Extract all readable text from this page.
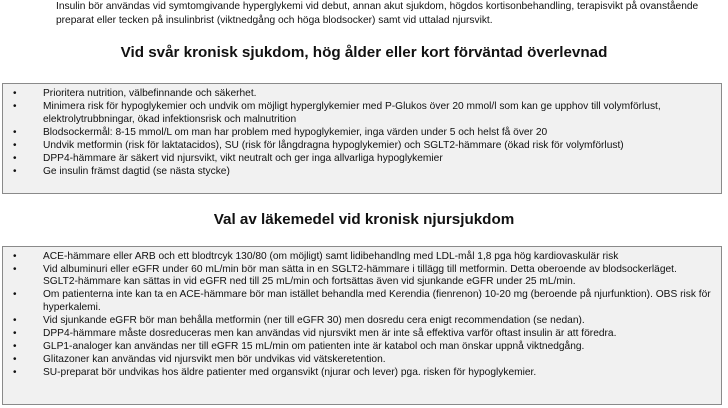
Insulin bör användas vid symtomgivande hyperglykemi vid debut, annan akut sjukdom, högdos kortisonbehandling, terapisvikt på ovanstående preparat eller tecken på insulinbrist (viktnedgång och höga blodsocker) samt vid uttalad njursvikt.
Vid svår kronisk sjukdom, hög ålder eller kort förväntad överlevnad
•	Prioritera nutrition, välbefinnande och säkerhet.
•	Minimera risk för hypoglykemier och undvik om möjligt hyperglykemier med P-Glukos över 20 mmol/l som kan ge upphov till volymförlust, elektrolytrubbningar, ökad infektionsrisk och malnutrition
•	Blodsockermål: 8-15 mmol/L om man har problem med hypoglykemier, inga värden under 5 och helst få över 20
•	Undvik metformin (risk för laktatacidos), SU (risk för långdragna hypoglykemier) och SGLT2-hämmare (ökad risk för volymförlust)
•	DPP4-hämmare är säkert vid njursvikt, vikt neutralt och ger inga allvarliga hypoglykemier
•	Ge insulin främst dagtid (se nästa stycke)
Val av läkemedel vid kronisk njursjukdom
•	ACE-hämmare eller ARB och ett blodtrcyk 130/80 (om möjligt) samt lidibehandlng med LDL-mål 1,8 pga hög kardiovaskulär risk
•	Vid albuminuri eller eGFR under 60 mL/min bör man sätta in en SGLT2-hämmare i tillägg till metformin. Detta oberoende av blodsockerläget. SGLT2-hämmare kan sättas in vid eGFR ned till 25 mL/min och fortsättas även vid sjunkande eGFR under 25 mL/min.
•	Om patienterna inte kan ta en ACE-hämmare bör man istället behandla med Kerendia (fienrenon) 10-20 mg (beroende på njurfunktion). OBS risk för hyperkalemi.
•	Vid sjunkande eGFR bör man behålla metformin (ner till eGFR 30) men dosredu cera enigt recommendation (se nedan).
•	DPP4-hämmare måste dosreduceras men kan användas vid njursvikt men är inte så effektiva varför oftast insulin är att föredra.
•	GLP1-analoger kan användas ner till eGFR 15 mL/min om patienten inte är katabol och man önskar uppnå viktnedgång.
•	Glitazoner kan användas vid njursvikt men bör undvikas vid vätskeretention.
•	SU-preparat bör undvikas hos äldre patienter med organsvikt (njurar och lever) pga. risken för hypoglykemier.
